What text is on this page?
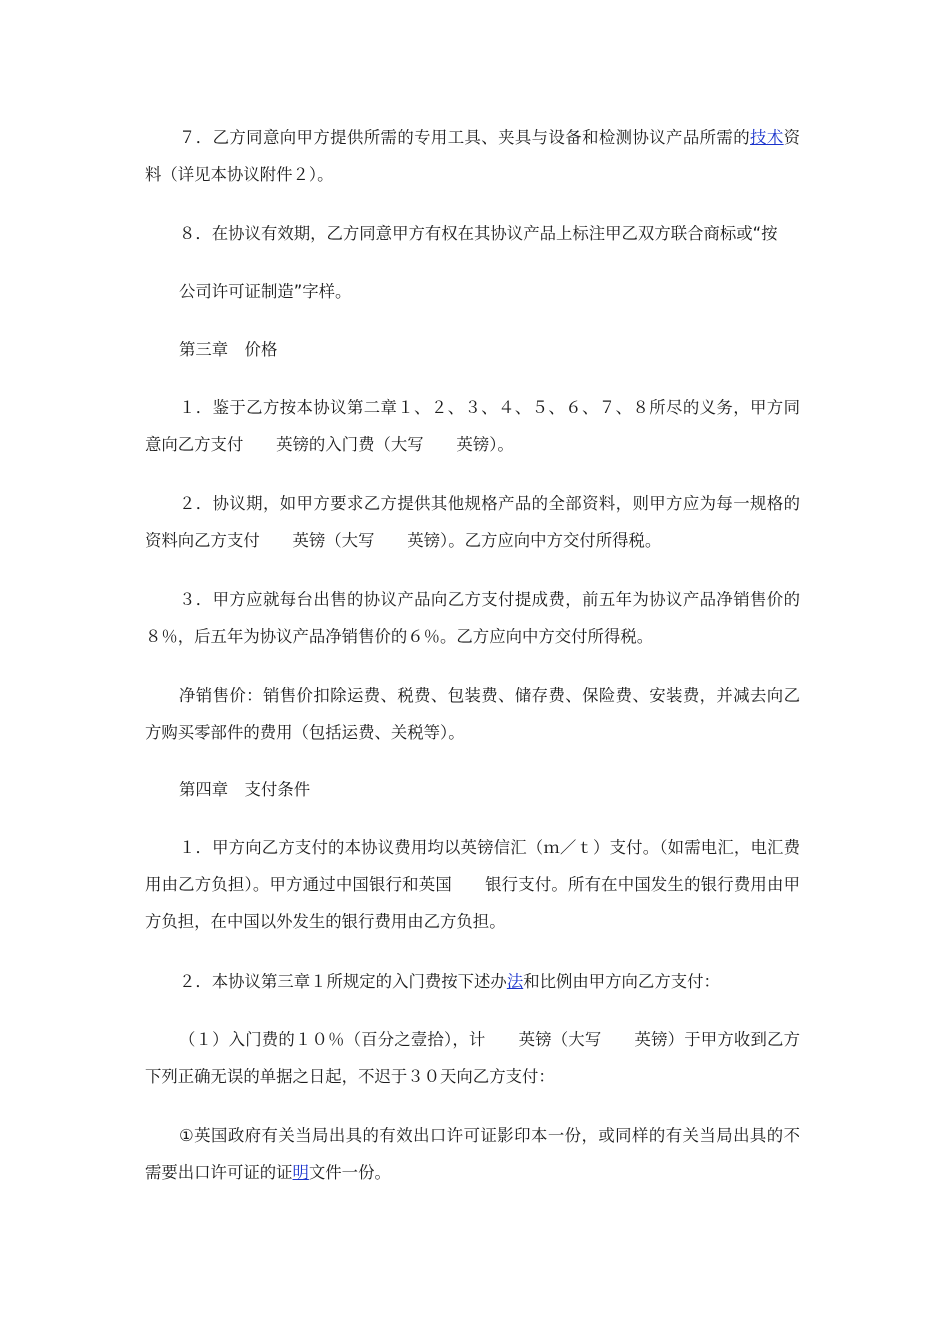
７．乙方同意向甲方提供所需的专用工具、夹具与设备和检测协议产品所需的技术资料（详见本协议附件２）。

８．在协议有效期，乙方同意甲方有权在其协议产品上标注甲乙双方联合商标或“按

公司许可证制造”字样。

第三章　价格

１．鉴于乙方按本协议第二章１、２、３、４、５、６、７、８所尽的义务，甲方同意向乙方支付　　英镑的入门费（大写　　英镑）。

２．协议期，如甲方要求乙方提供其他规格产品的全部资料，则甲方应为每一规格的资料向乙方支付　　英镑（大写　　英镑）。乙方应向中方交付所得税。

３．甲方应就每台出售的协议产品向乙方支付提成费，前五年为协议产品净销售价的８％，后五年为协议产品净销售价的６％。乙方应向中方交付所得税。

净销售价：销售价扣除运费、税费、包装费、储存费、保险费、安装费，并减去向乙方购买零部件的费用（包括运费、关税等）。

第四章　支付条件

１．甲方向乙方支付的本协议费用均以英镑信汇（ｍ／ｔ）支付。（如需电汇，电汇费用由乙方负担）。甲方通过中国银行和英国　　银行支付。所有在中国发生的银行费用由甲方负担，在中国以外发生的银行费用由乙方负担。

２．本协议第三章１所规定的入门费按下述办法和比例由甲方向乙方支付：

（１）入门费的１０％（百分之壹拾），计　　英镑（大写　　英镑）于甲方收到乙方下列正确无误的单据之日起，不迟于３０天向乙方支付：

①英国政府有关当局出具的有效出口许可证影印本一份，或同样的有关当局出具的不需要出口许可证的证明文件一份。
